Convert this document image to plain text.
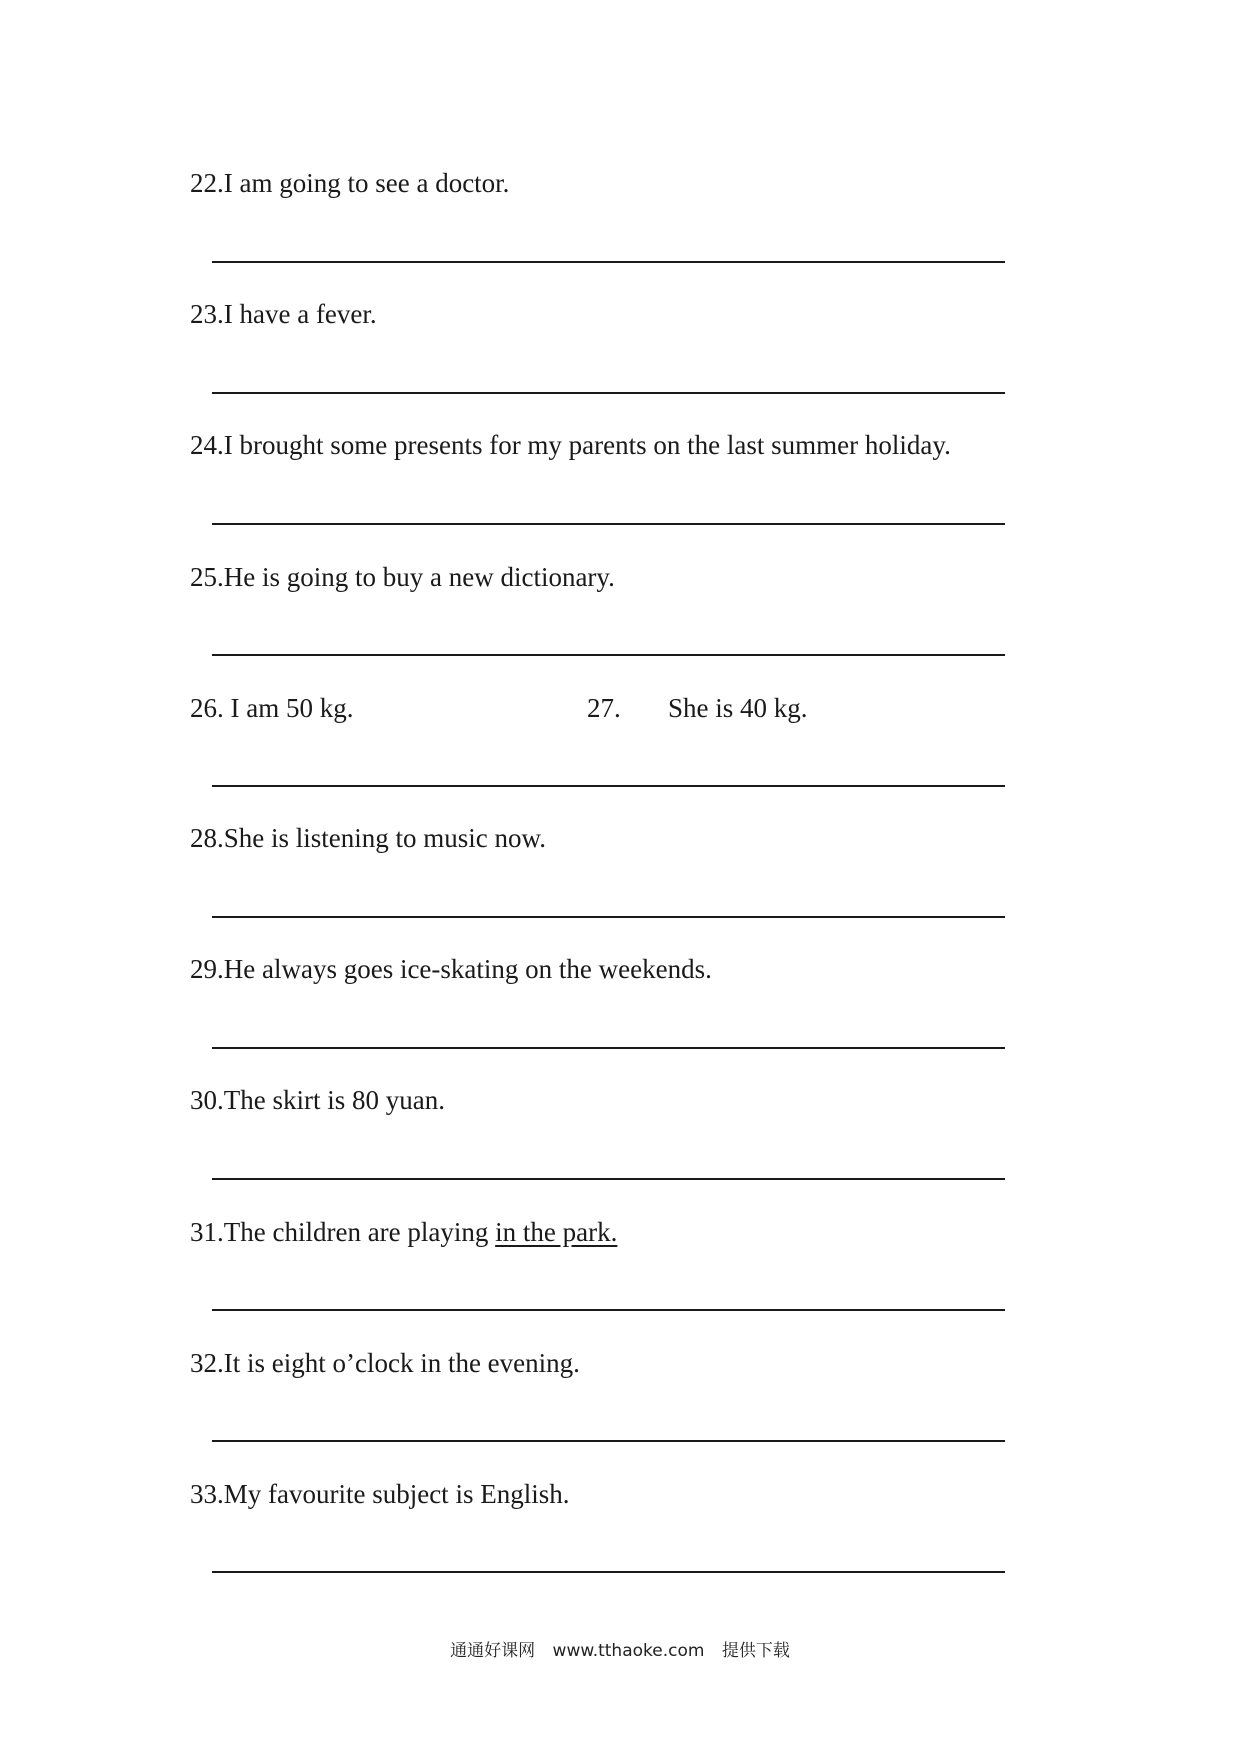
22.I am going to see a doctor.
23.I have a fever.
24.I brought some presents for my parents on the last summer holiday.
25.He is going to buy a new dictionary.
26. I am 50 kg.	27. She is 40 kg.
28.She is listening to music now.
29.He always goes ice-skating on the weekends.
30.The skirt is 80 yuan.
31.The children are playing in the park.
32.It is eight o’clock in the evening.
33.My favourite subject is English.
通通好课网 www.tthaoke.com 提供下载
